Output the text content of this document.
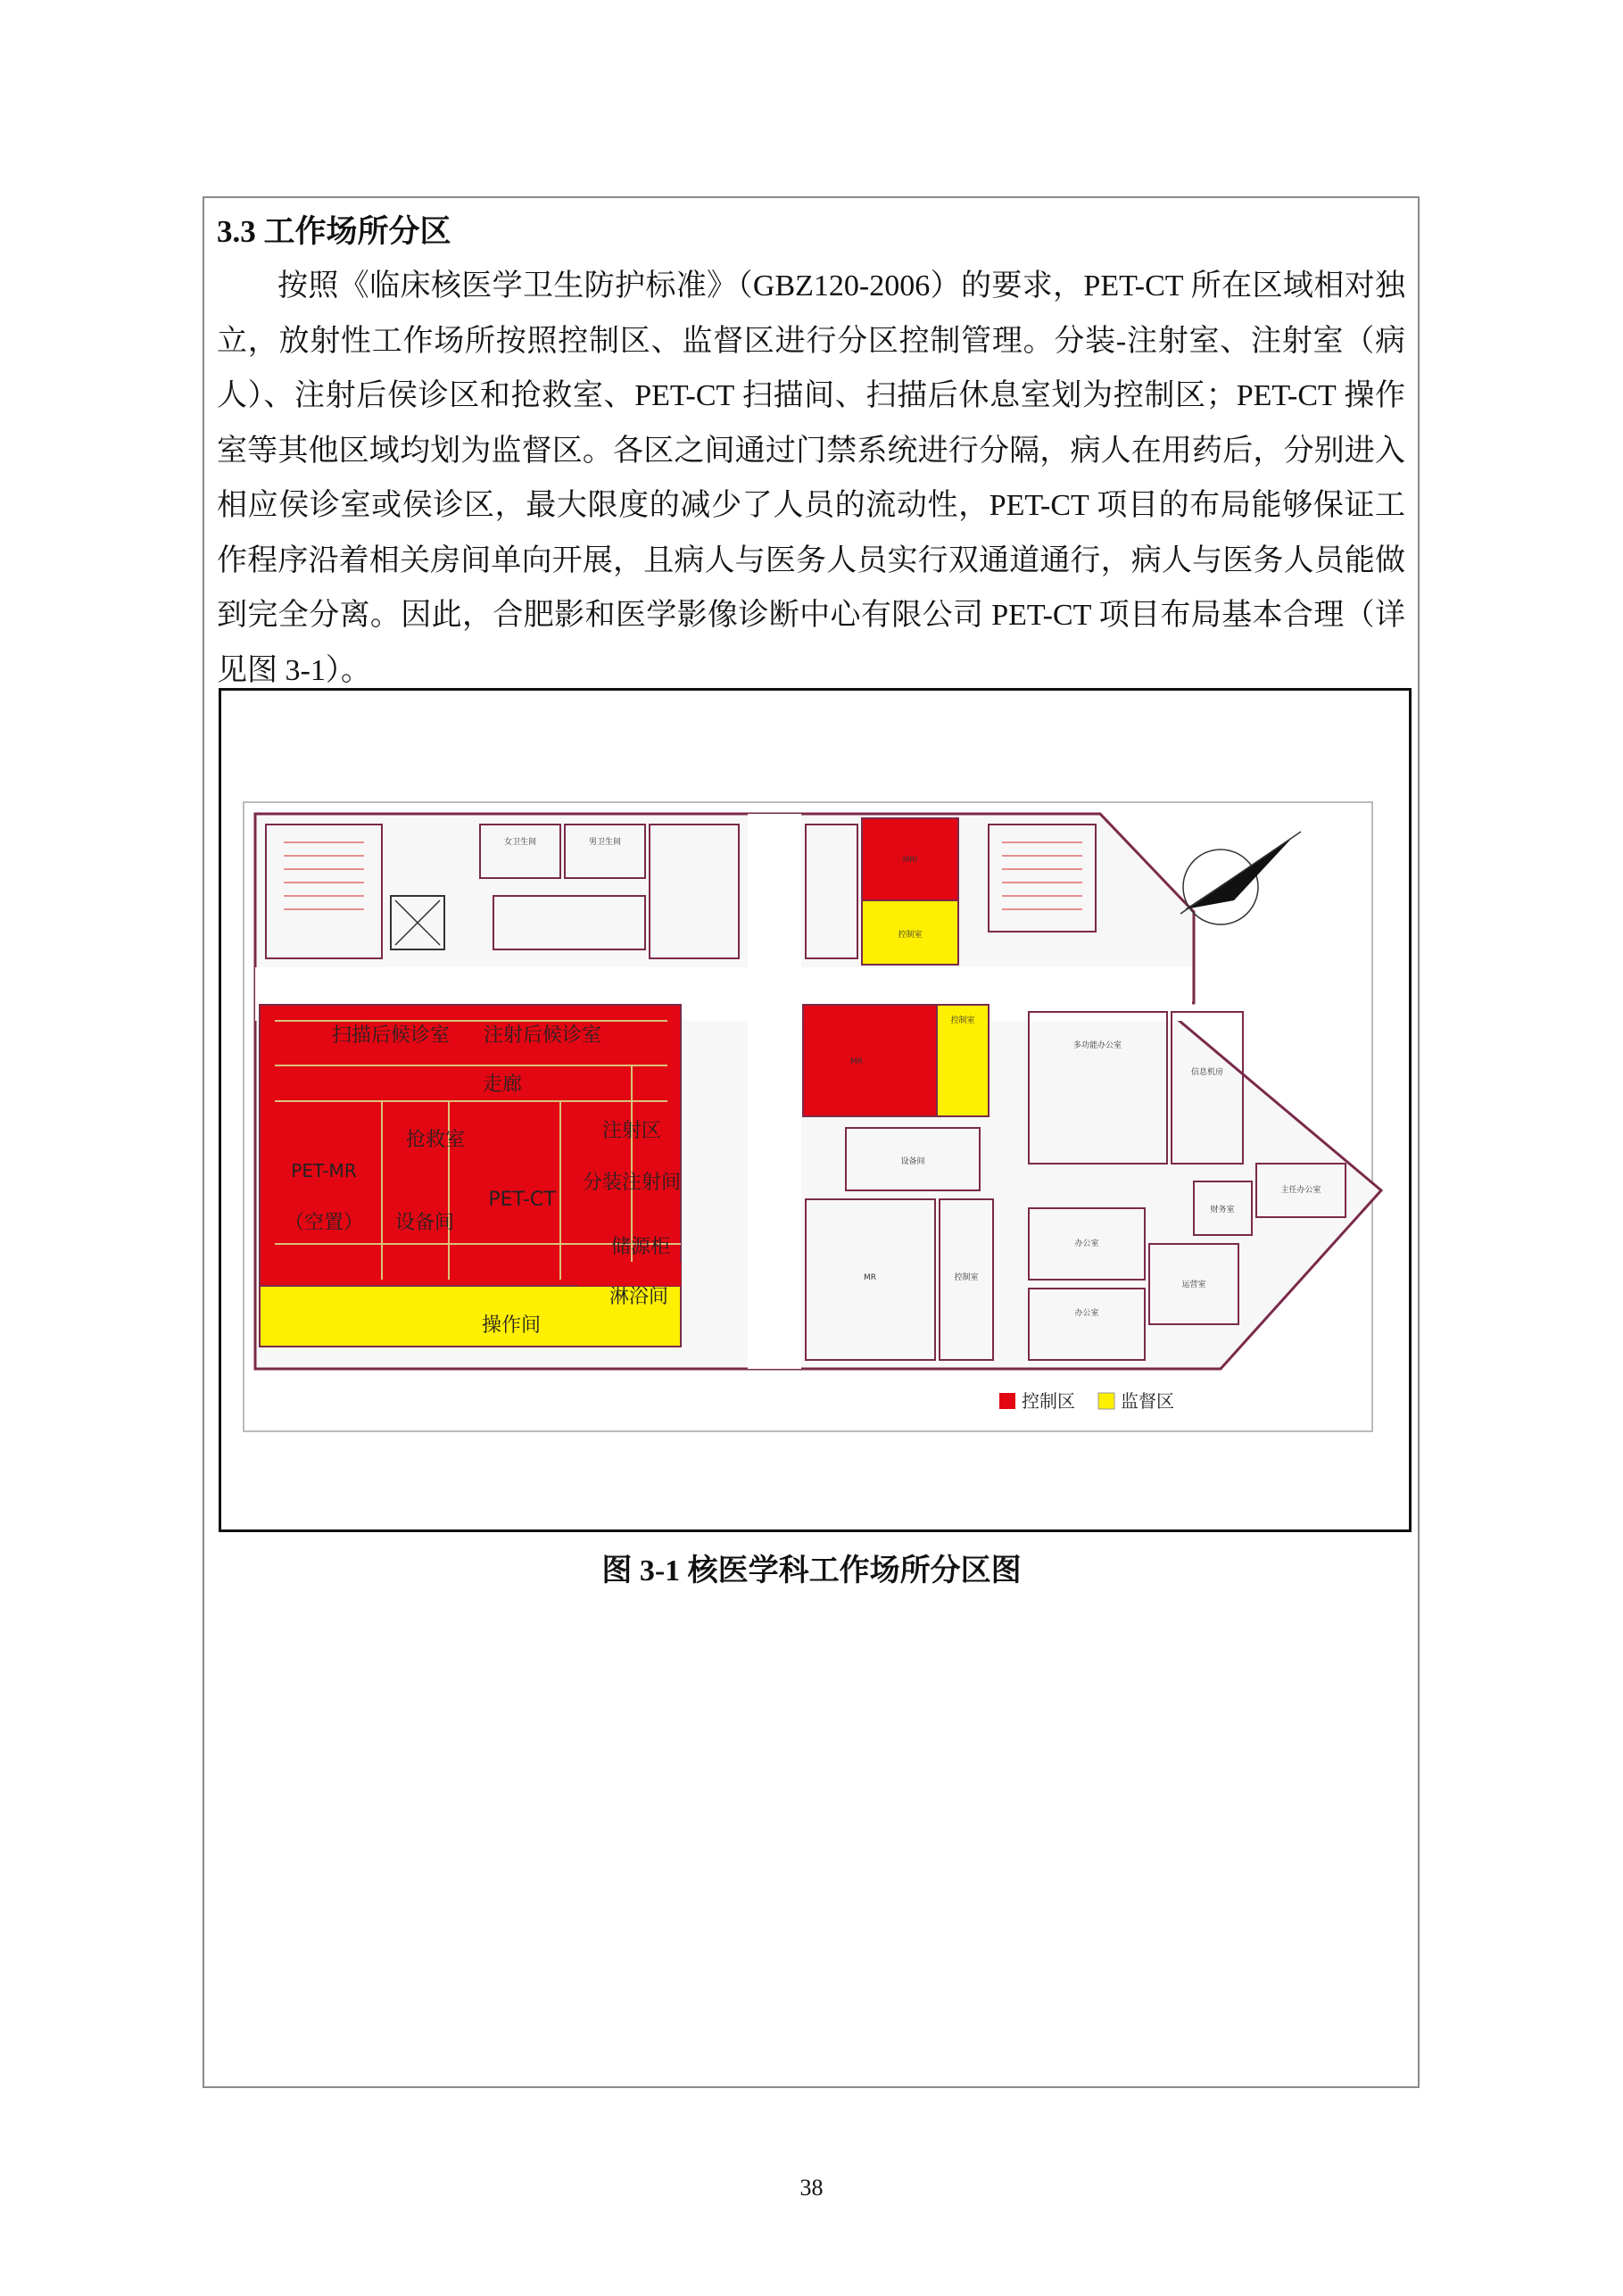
3.3 工作场所分区

按照《临床核医学卫生防护标准》（GBZ120-2006）的要求，PET-CT 所在区域相对独立，放射性工作场所按照控制区、监督区进行分区控制管理。分装-注射室、注射室（病人）、注射后侯诊区和抢救室、PET-CT 扫描间、扫描后休息室划为控制区；PET-CT 操作室等其他区域均划为监督区。各区之间通过门禁系统进行分隔，病人在用药后，分别进入相应侯诊室或侯诊区，最大限度的减少了人员的流动性，PET-CT 项目的布局能够保证工作程序沿着相关房间单向开展，且病人与医务人员实行双通道通行，病人与医务人员能做到完全分离。因此，合肥影和医学影像诊断中心有限公司 PET-CT 项目布局基本合理（详见图 3-1）。

女卫生间	男卫生间
MRI
控制室
扫描后候诊室 注射后候诊室
走廊
抢救室	注射区
PET-MR
（空置）
PET-CT
分装注射间
设备间
储源柜
淋浴间
操作间
MR
控制室
设备间
MR	控制室
多功能办公室
信息机房
主任办公室
财务室
办公室
运营室
办公室
控制区	监督区
图 3-1 核医学科工作场所分区图
38
